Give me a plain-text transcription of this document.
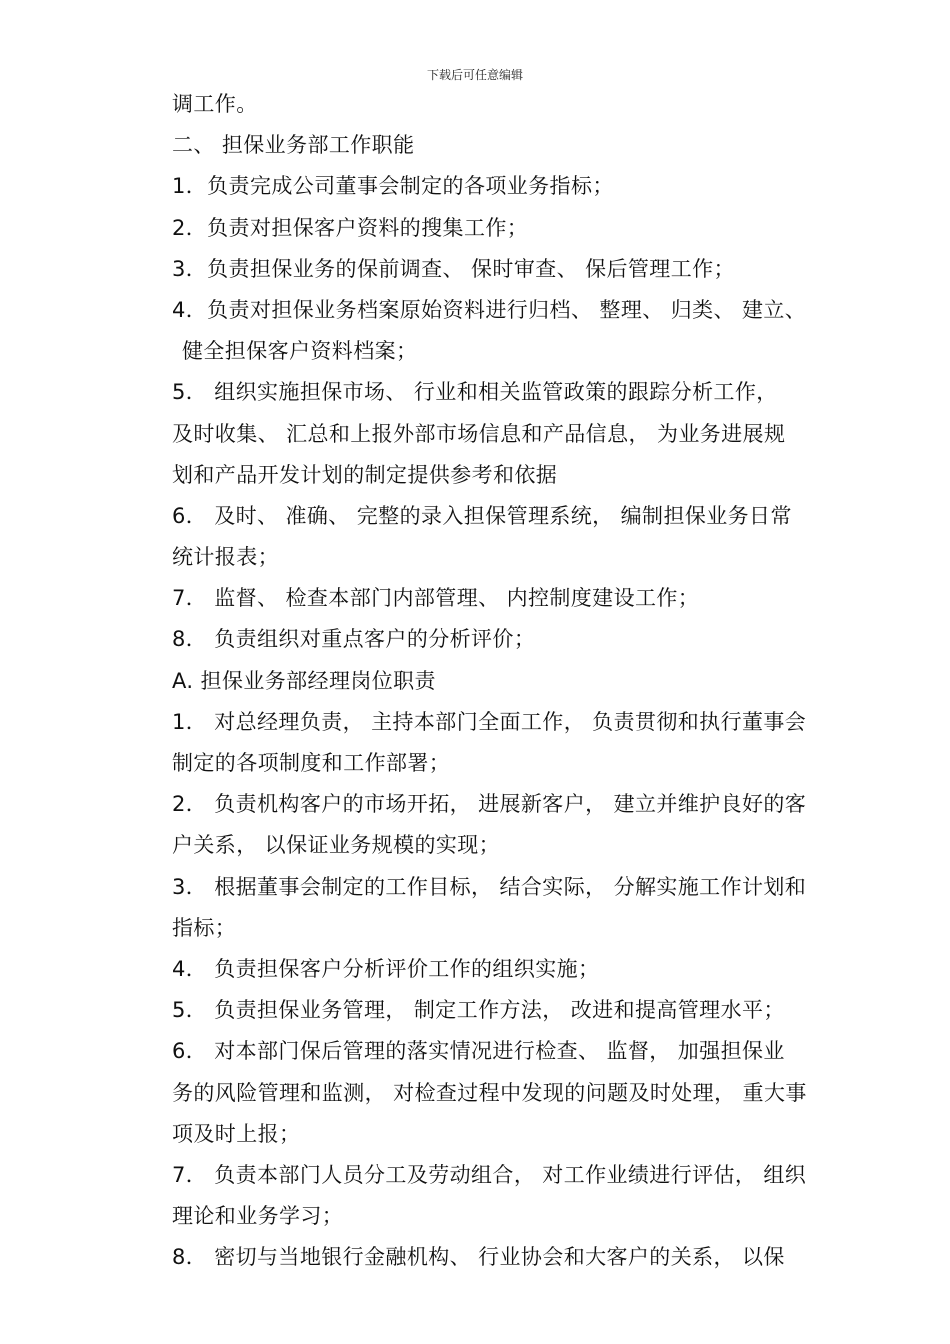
下载后可任意编辑
调工作。
二、 担保业务部工作职能
1．负责完成公司董事会制定的各项业务指标；
2．负责对担保客户资料的搜集工作；
3．负责担保业务的保前调查、 保时审查、 保后管理工作；
4．负责对担保业务档案原始资料进行归档、 整理、 归类、 建立、
健全担保客户资料档案；
5． 组织实施担保市场、 行业和相关监管政策的跟踪分析工作，
及时收集、 汇总和上报外部市场信息和产品信息， 为业务进展规
划和产品开发计划的制定提供参考和依据
6． 及时、 准确、 完整的录入担保管理系统， 编制担保业务日常
统计报表；
7． 监督、 检查本部门内部管理、 内控制度建设工作；
8． 负责组织对重点客户的分析评价；
A. 担保业务部经理岗位职责
1． 对总经理负责， 主持本部门全面工作， 负责贯彻和执行董事会
制定的各项制度和工作部署；
2． 负责机构客户的市场开拓， 进展新客户， 建立并维护良好的客
户关系， 以保证业务规模的实现；
3． 根据董事会制定的工作目标， 结合实际， 分解实施工作计划和
指标；
4． 负责担保客户分析评价工作的组织实施；
5． 负责担保业务管理， 制定工作方法， 改进和提高管理水平；
6． 对本部门保后管理的落实情况进行检查、 监督， 加强担保业
务的风险管理和监测， 对检查过程中发现的问题及时处理， 重大事
项及时上报；
7． 负责本部门人员分工及劳动组合， 对工作业绩进行评估， 组织
理论和业务学习；
8． 密切与当地银行金融机构、 行业协会和大客户的关系， 以保
